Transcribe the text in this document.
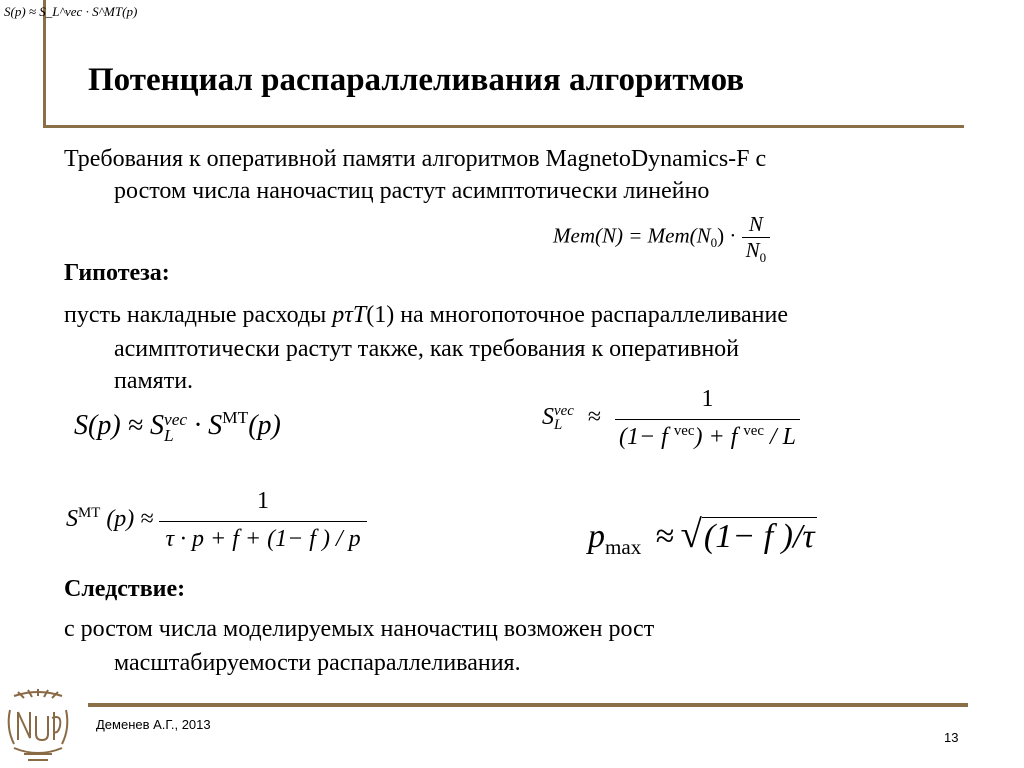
S(p) ≈ S_L^vec · S^MT(p)
Потенциал распараллеливания алгоритмов
Требования к оперативной памяти алгоритмов MagnetoDynamics-F с
ростом числа наночастиц растут асимптотически линейно
$Mem(N) = Mem(N_0) \cdot \frac{N}{N_0}$
Гипотеза:
пусть накладные расходы pτT(1) на многопоточное распараллеливание
асимптотически растут также, как требования к оперативной
памяти.
S(p) ≈ S vec
$L \cdot S^{MT}(p)$	S vec
L	≈ $\frac{1}{(1- f ^{vec}) + f ^{vec} / L}$
$S^{MT}$ $(p) \approx \frac{1}{\tau \cdot p + f + (1- f ) / p}$	$p_{max} \approx √(1- f$ )/τ
Следствие:
с ростом числа моделируемых наночастиц возможен рост
масштабируемости распараллеливания.
Деменев А.Г., 2013
13
